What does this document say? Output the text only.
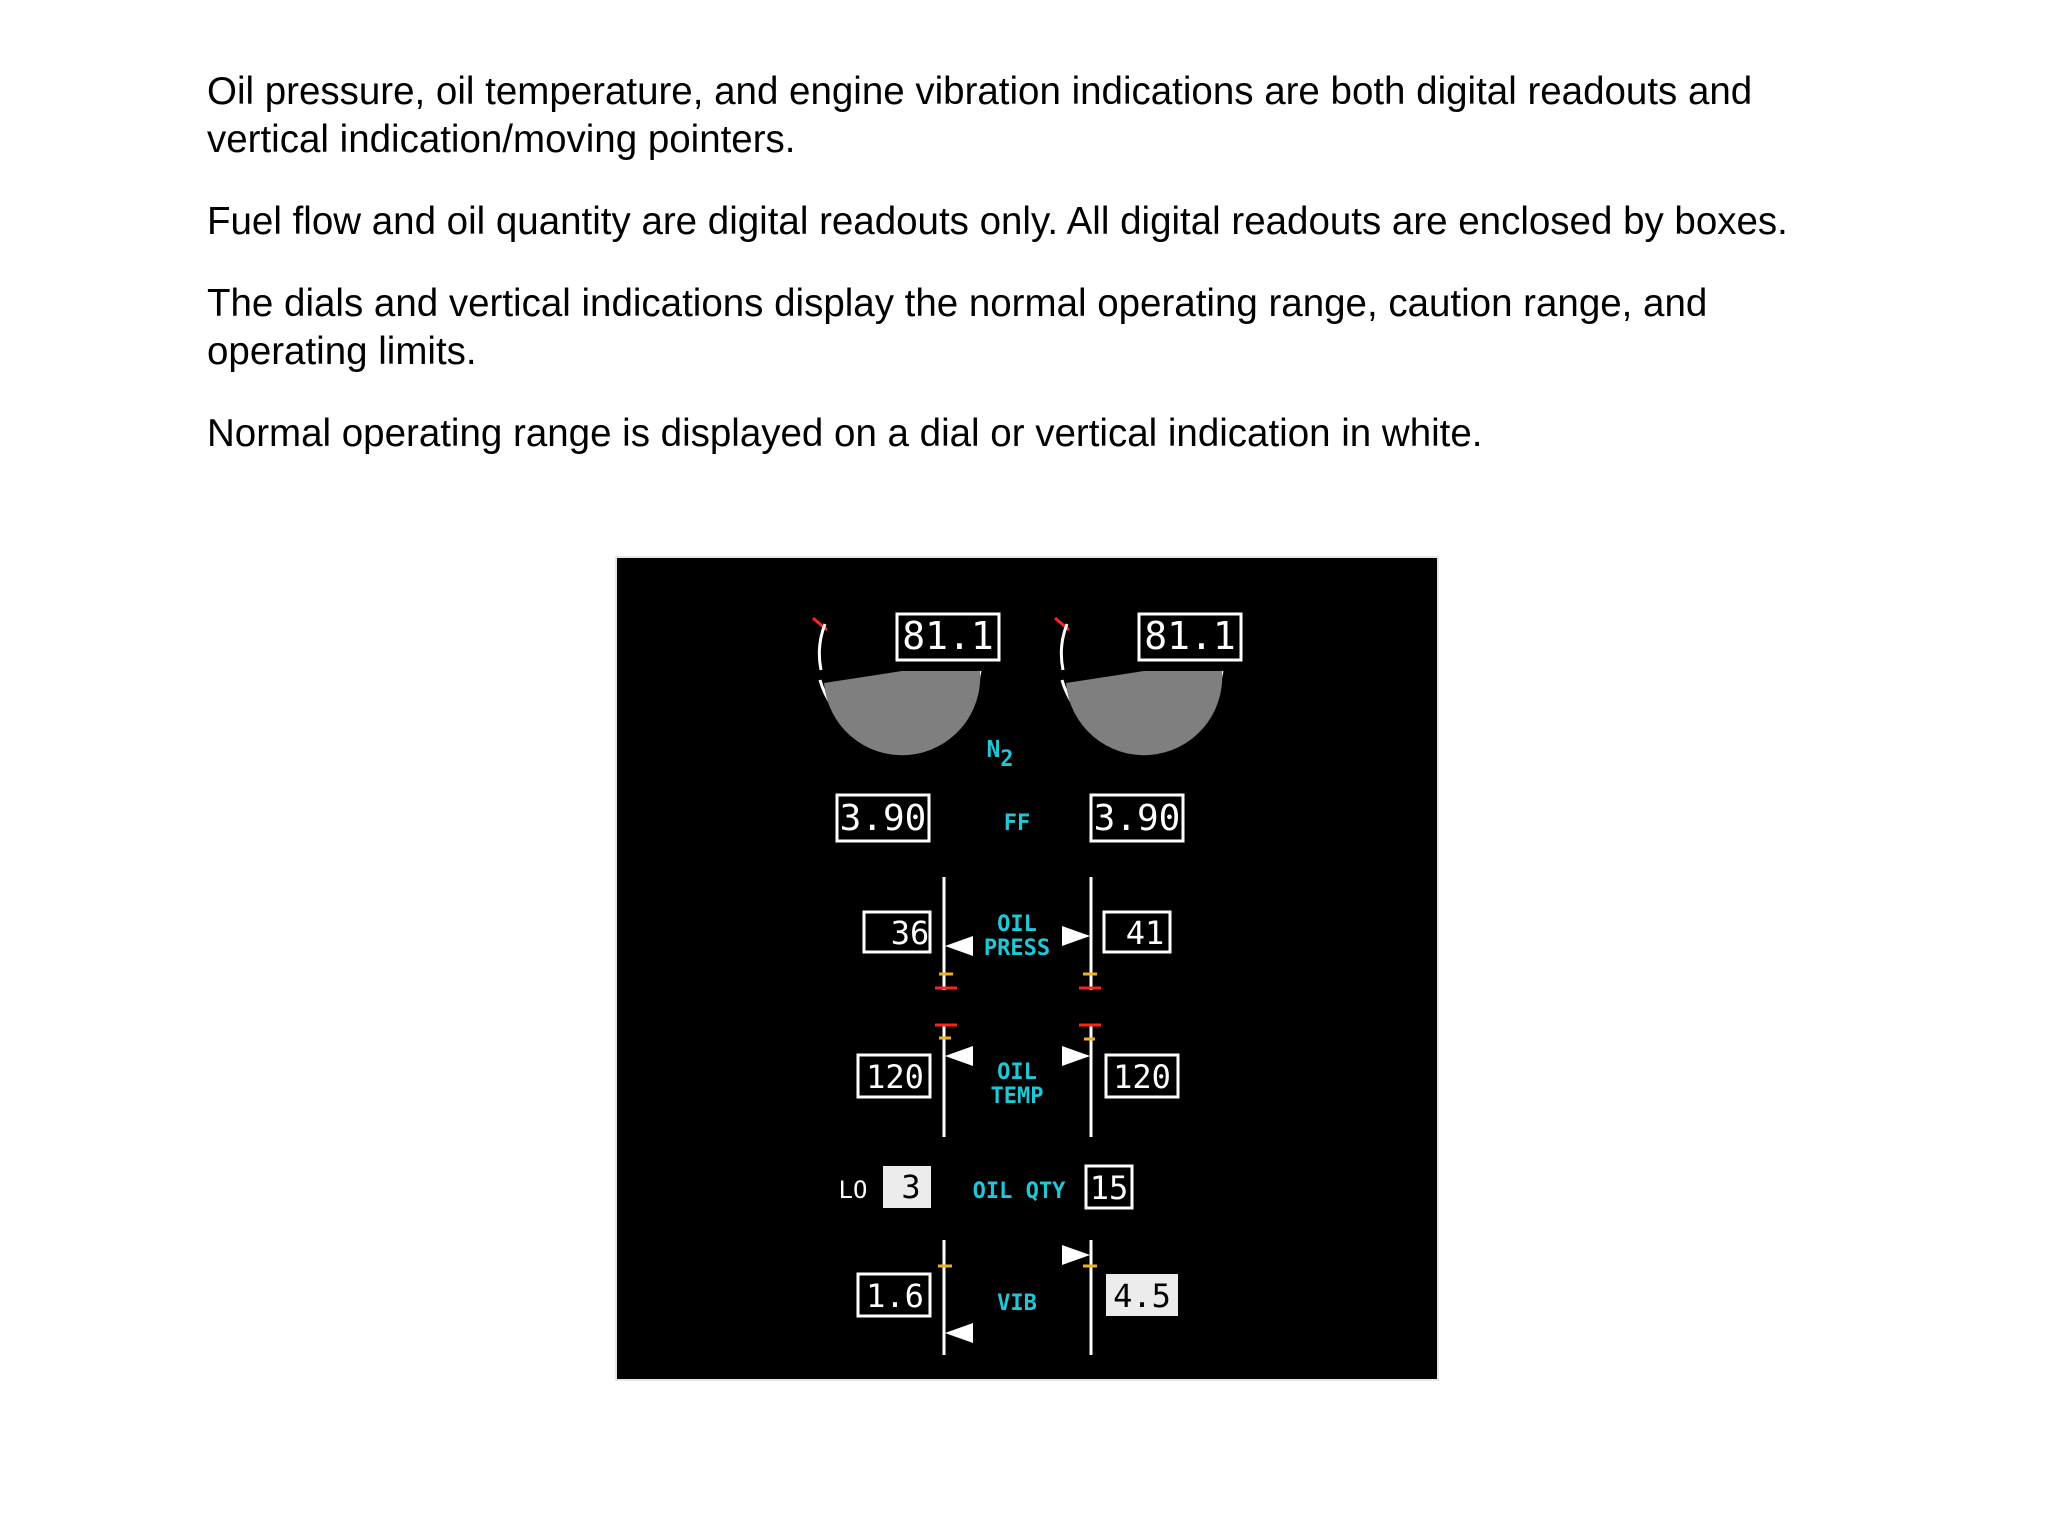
Oil pressure, oil temperature, and engine vibration indications are both digital readouts and vertical indication/moving pointers.

Fuel flow and oil quantity are digital readouts only. All digital readouts are enclosed by boxes.

The dials and vertical indications display the normal operating range, caution range, and operating limits.

Normal operating range is displayed on a dial or vertical indication in white.

81.1	81.1
N2
3.90	FF 3.90
36	41
OIL
PRESS
120	120
OIL
TEMP
LO 3 OIL QTY 15
1.6	4.5
VIB
